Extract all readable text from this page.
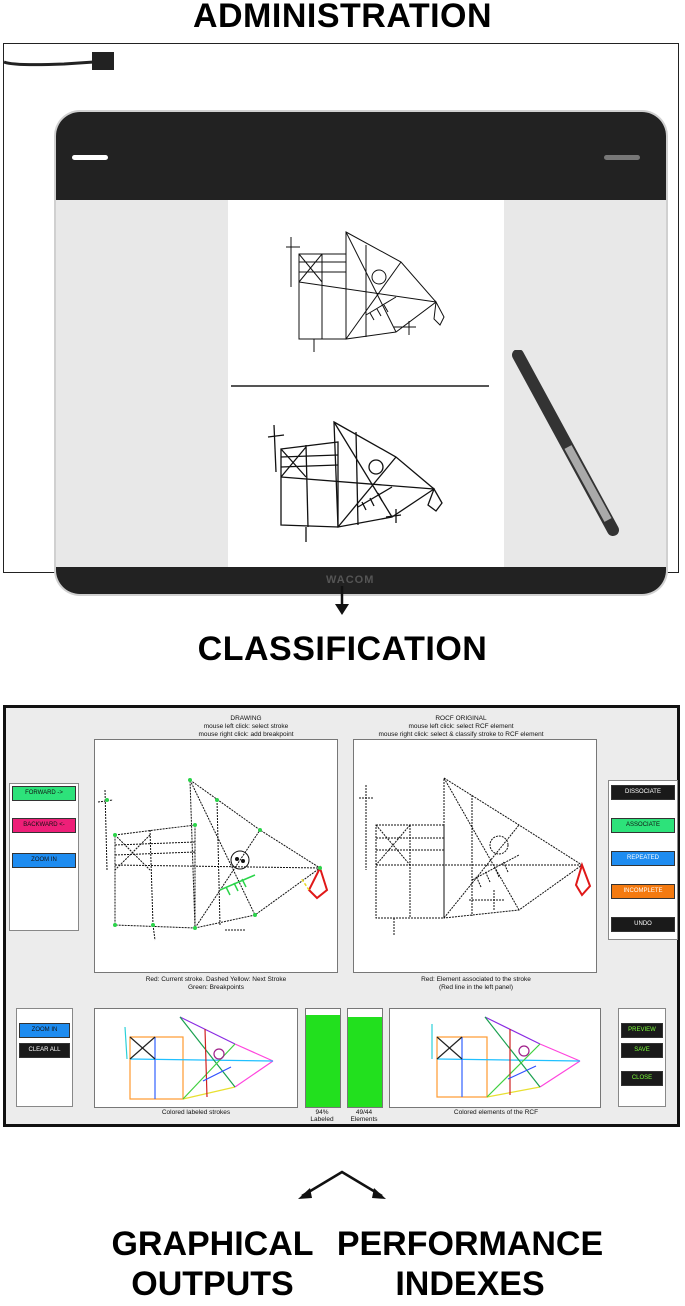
ADMINISTRATION
WACOM
CLASSIFICATION
DRAWING
mouse left click: select stroke
mouse right click: add breakpoint
ROCF ORIGINAL
mouse left click: select RCF element
mouse right click: select & classify stroke to RCF element
Red: Current stroke. Dashed Yellow: Next Stroke
Green: Breakpoints
Red: Element associated to the stroke
(Red line in the left panel)
FORWARD ->
BACKWARD <-
ZOOM IN
DISSOCIATE
ASSOCIATE
REPEATED
INCOMPLETE
UNDO
ZOOM IN
CLEAR ALL
Colored labeled strokes	94%
Labeled
49/44
Elements
Colored elements of the RCF
PREVIEW
SAVE
CLOSE
GRAPHICAL
OUTPUTS
PERFORMANCE
INDEXES
